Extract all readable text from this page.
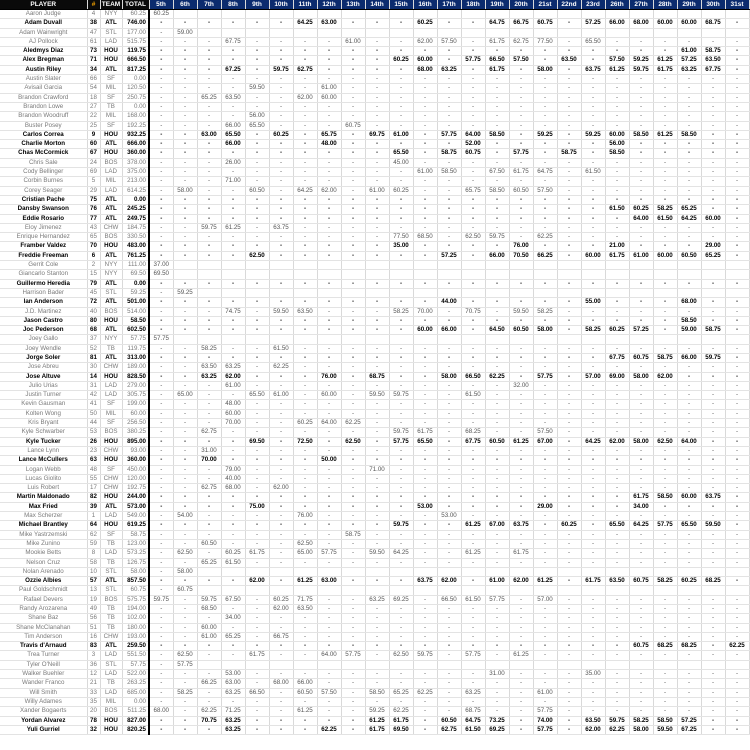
PLAYER	#	TEAM	TOTAL	5th	6th	7th	8th	9th	10th	11th	12th	13th	14th	15th	16th	17th	18th	19th	20th	21st	22nd	23rd	26th	27th	28th	29th	30th	31st
Aaron Judge	4	NYY	60.25	60.25																								
Adam Duvall	38	ATL	746.00	-	-	-	-	-	-	64.25	63.00	-	-	-	60.25	-	-	64.75	66.75	60.75	-	57.25	66.00	68.00	60.00	60.00	68.75	-
Adam Wainwright	47	STL	177.00	-	59.00																							
AJ Pollock	61	LAD	515.75	-	-	-	67.75	-	-	-	-	61.00	-	-	62.00	57.50	-	61.75	62.75	77.50	-	65.50	-	-	-	-	-	-
Aledmys Diaz	73	HOU	119.75	-	-	-	-	-	-	-	-	-	-	-	-	-	-	-	-	-	-	-	-	-	-	61.00	58.75	-
Alex Bregman	71	HOU	666.50	-	-	-	-	-	-	-	-	-	-	60.25	60.00	-	57.75	66.50	57.50	-	63.50	-	57.50	59.25	61.25	57.25	63.50	-
Austin Riley	34	ATL	817.25	-	-	-	67.25	-	59.75	62.75	-	-	-	-	68.00	63.25	-	61.75	-	58.00	-	63.75	61.25	59.75	61.75	63.25	67.75	-
Austin Slater	66	SF	0.00	-	-	-	-	-	-	-	-	-	-	-	-	-	-	-	-	-	-	-	-	-	-	-	-	-
Avisail Garcia	54	MIL	120.50	-	-	-	-	59.50	-	-	61.00	-	-	-	-	-	-	-	-	-	-	-	-	-	-	-	-	-
Brandon Crawford	18	SF	250.75	-	-	65.25	63.50	-	-	62.00	60.00	-	-	-	-	-	-	-	-	-	-	-	-	-	-	-	-	-
Brandon Lowe	27	TB	0.00	-	-	-	-	-	-	-	-	-	-	-	-	-	-	-	-	-	-	-	-	-	-	-	-	-
Brandon Woodruff	22	MIL	168.00	-	-	-	-	56.00	-	-	-	-	-	-	-	-	-	-	-	-	-	-	-	-	-	-	-	-
Buster Posey	25	SF	192.25	-	-	-	66.00	65.50	-	-	-	60.75	-	-	-	-	-	-	-	-	-	-	-	-	-	-	-	-
Carlos Correa	9	HOU	932.25	-	-	63.00	65.50	-	60.25	-	65.75	-	69.75	61.00	-	57.75	64.00	58.50	-	59.25	-	59.25	60.00	58.50	61.25	58.50	-	-
Charlie Morton	60	ATL	666.00	-	-	-	66.00	-	-	-	48.00	-	-	-	-	-	52.00	-	-	-	-	-	56.00	-	-	-	-	-
Chas McCormick	67	HOU	360.00	-	-	-	-	-	-	-	-	-	-	65.50	-	58.75	60.75	-	57.75	-	58.75	-	58.50	-	-	-	-	-
Chris Sale	24	BOS	378.00	-	-	-	26.00	-	-	-	-	-	-	45.00	-	-	-	-	-	-	-	-	-	-	-	-	-	-
Cody Bellinger	69	LAD	375.00	-	-	-	-	-	-	-	-	-	-	-	61.00	58.50	-	67.50	61.75	64.75	-	61.50	-	-	-	-	-	-
Corbin Burnes	5	MIL	213.00	-	-	-	71.00	-	-	-	-	-	-	-	-	-	-	-	-	-	-	-	-	-	-	-	-	-
Corey Seager	29	LAD	614.25	-	58.00	-	-	60.50	-	64.25	62.00	-	61.00	60.25	-	-	65.75	58.50	60.50	57.50	-	-	-	-	-	-	-	-
Cristian Pache	75	ATL	0.00	-	-	-	-	-	-	-	-	-	-	-	-	-	-	-	-	-	-	-	-	-	-	-	-	-
Dansby Swanson	76	ATL	245.25	-	-	-	-	-	-	-	-	-	-	-	-	-	-	-	-	-	-	-	61.50	60.25	58.25	65.25	-	-
Eddie Rosario	77	ATL	249.75	-	-	-	-	-	-	-	-	-	-	-	-	-	-	-	-	-	-	-	-	64.00	61.50	64.25	60.00	-
Eloy Jimenez	43	CHW	184.75	-	-	59.75	61.25	-	63.75	-	-	-	-	-	-	-	-	-	-	-	-	-	-	-	-	-	-	-
Enrique Hernandez	65	BOS	330.50	-	-	-	-	-	-	-	-	-	-	77.50	68.50	-	62.50	59.75	-	62.25	-	-	-	-	-	-	-	-
Framber Valdez	70	HOU	483.00	-	-	-	-	-	-	-	-	-	-	35.00	-	-	-	-	76.00	-	-	-	21.00	-	-	-	29.00	-
Freddie Freeman	6	ATL	761.25	-	-	-	-	62.50	-	-	-	-	-	-	-	57.25	-	66.00	70.50	66.25	-	60.00	61.75	61.00	60.00	60.50	65.25	-
Gerrit Cole	2	NYY	111.00	37.00																								
Giancarlo Stanton	15	NYY	69.50	69.50																								
Guillermo Heredia	79	ATL	0.00	-	-	-	-	-	-	-	-	-	-	-	-	-	-	-	-	-	-	-	-	-	-	-	-	-
Harrison Bader	45	STL	59.25	-	59.25																							
Ian Anderson	72	ATL	501.00	-	-	-	-	-	-	-	-	-	-	-	-	44.00	-	-	-	-	-	55.00	-	-	-	68.00	-	-
J.D. Martinez	40	BOS	514.00	-	-	-	74.75	-	59.50	63.50	-	-	-	58.25	70.00	-	70.75	-	59.50	58.25	-	-	-	-	-	-	-	-
Jason Castro	80	HOU	58.50	-	-	-	-	-	-	-	-	-	-	-	-	-	-	-	-	-	-	-	-	-	-	58.50	-	-
Joc Pederson	68	ATL	602.50	-	-	-	-	-	-	-	-	-	-	-	60.00	66.00	-	64.50	60.50	58.00	-	58.25	60.25	57.25	-	59.00	58.75	-
Joey Gallo	37	NYY	57.75	57.75																								
Joey Wendle	52	TB	119.75	-	-	58.25	-	-	61.50	-	-	-	-	-	-	-	-	-	-	-	-	-	-	-	-	-	-	-
Jorge Soler	81	ATL	313.00	-	-	-	-	-	-	-	-	-	-	-	-	-	-	-	-	-	-	-	67.75	60.75	58.75	66.00	59.75	-
Jose Abreu	30	CHW	189.00	-	-	63.50	63.25	-	62.25	-	-	-	-	-	-	-	-	-	-	-	-	-	-	-	-	-	-	-
Jose Altuve	14	HOU	828.50	-	-	63.25	62.00	-	-	-	76.00	-	68.75	-	-	58.00	66.50	62.25	-	57.75	-	57.00	69.00	58.00	62.00	-	-	-
Julio Urias	31	LAD	279.00	-	-	-	61.00	-	-	-	-	-	-	-	-	-	-	-	32.00	-	-	-	-	-	-	-	-	-
Justin Turner	42	LAD	305.75	-	65.00	-	-	65.50	61.00	-	60.00	-	59.50	59.75	-	-	61.50	-	-	-	-	-	-	-	-	-	-	-
Kevin Gausman	41	SF	199.00	-	-	-	48.00	-	-	-	-	-	-	-	-	-	-	-	-	-	-	-	-	-	-	-	-	-
Kolten Wong	50	MIL	60.00	-	-	-	60.00	-	-	-	-	-	-	-	-	-	-	-	-	-	-	-	-	-	-	-	-	-
Kris Bryant	44	SF	256.50	-	-	-	70.00	-	-	60.25	64.00	62.25	-	-	-	-	-	-	-	-	-	-	-	-	-	-	-	-
Kyle Schwarber	53	BOS	380.25	-	-	62.75	-	-	-	-	-	-	-	59.75	61.75	-	68.25	-	-	57.50	-	-	-	-	-	-	-	-
Kyle Tucker	26	HOU	895.00	-	-	-	-	69.50	-	72.50	-	62.50	-	57.75	65.50	-	67.75	60.50	61.25	67.00	-	64.25	62.00	58.00	62.50	64.00	-	-
Lance Lynn	23	CHW	93.00	-	-	31.00	-	-	-	-	-	-	-	-	-	-	-	-	-	-	-	-	-	-	-	-	-	-
Lance McCullers	63	HOU	360.00	-	-	70.00	-	-	-	-	50.00	-	-	-	-	-	-	-	-	-	-	-	-	-	-	-	-	-
Logan Webb	48	SF	450.00	-	-	-	79.00	-	-	-	-	-	71.00	-	-	-	-	-	-	-	-	-	-	-	-	-	-	-
Lucas Giolito	55	CHW	120.00	-	-	-	40.00	-	-	-	-	-	-	-	-	-	-	-	-	-	-	-	-	-	-	-	-	-
Luis Robert	17	CHW	192.75	-	-	62.75	68.00	-	62.00	-	-	-	-	-	-	-	-	-	-	-	-	-	-	-	-	-	-	-
Martin Maldonado	82	HOU	244.00	-	-	-	-	-	-	-	-	-	-	-	-	-	-	-	-	-	-	-	-	61.75	58.50	60.00	63.75	-
Max Fried	39	ATL	573.00	-	-	-	-	75.00	-	-	-	-	-	-	53.00	-	-	-	-	29.00	-	-	-	34.00	-	-	-	-
Max Scherzer	1	LAD	549.00	-	54.00	-	-	-	-	76.00	-	-	-	-	-	53.00	-	-	-	-	-	-	-	-	-	-	-	-
Michael Brantley	64	HOU	619.25	-	-	-	-	-	-	-	-	-	-	59.75	-	-	61.25	67.00	63.75	-	60.25	-	65.50	64.25	57.75	65.50	59.50	-
Mike Yastrzemski	62	SF	58.75	-	-	-	-	-	-	-	-	58.75	-	-	-	-	-	-	-	-	-	-	-	-	-	-	-	-
Mike Zunino	59	TB	123.00	-	-	60.50	-	-	-	62.50	-	-	-	-	-	-	-	-	-	-	-	-	-	-	-	-	-	-
Mookie Betts	8	LAD	573.25	-	62.50	-	60.25	61.75	-	65.00	57.75	-	59.50	64.25	-	-	61.25	-	61.75	-	-	-	-	-	-	-	-	-
Nelson Cruz	58	TB	126.75	-	-	65.25	61.50	-	-	-	-	-	-	-	-	-	-	-	-	-	-	-	-	-	-	-	-	-
Nolan Arenado	10	STL	58.00	-	58.00																							
Ozzie Albies	57	ATL	857.50	-	-	-	-	62.00	-	61.25	63.00	-	-	-	63.75	62.00	-	61.00	62.00	61.25	-	61.75	63.50	60.75	58.25	60.25	68.25	-
Paul Goldschmidt	13	STL	60.75	-	60.75																							
Rafael Devers	19	BOS	575.75	59.75	-	59.75	67.50	-	60.25	71.75	-	-	63.25	69.25	-	66.50	61.50	57.75	-	57.00	-	-	-	-	-	-	-	-
Randy Arozarena	49	TB	194.00	-	-	68.50	-	-	62.00	63.50	-	-	-	-	-	-	-	-	-	-	-	-	-	-	-	-	-	-
Shane Baz	56	TB	102.00	-	-	-	34.00	-	-	-	-	-	-	-	-	-	-	-	-	-	-	-	-	-	-	-	-	-
Shane McClanahan	51	TB	180.00	-	-	60.00	-	-	-	-	-	-	-	-	-	-	-	-	-	-	-	-	-	-	-	-	-	-
Tim Anderson	16	CHW	193.00	-	-	61.00	65.25	-	66.75	-	-	-	-	-	-	-	-	-	-	-	-	-	-	-	-	-	-	-
Travis d'Arnaud	83	ATL	259.50	-	-	-	-	-	-	-	-	-	-	-	-	-	-	-	-	-	-	-	-	60.75	68.25	68.25	-	62.25
Trea Turner	3	LAD	551.50	-	62.50	-	-	61.75	-	-	64.00	57.75	-	62.50	59.75	-	57.75	-	61.25	-	-	-	-	-	-	-	-	-
Tyler O'Neill	36	STL	57.75	-	57.75																							
Walker Buehler	12	LAD	522.00	-	-	-	53.00	-	-	-	-	-	-	-	-	-	-	31.00	-	-	-	35.00	-	-	-	-	-	-
Wander Franco	21	TB	263.25	-	-	66.25	63.00	-	68.00	66.00	-	-	-	-	-	-	-	-	-	-	-	-	-	-	-	-	-	-
Will Smith	33	LAD	685.00	-	58.25	-	63.25	66.50	-	60.50	57.50	-	58.50	65.25	62.25	-	63.25	-	-	61.00	-	-	-	-	-	-	-	-
Willy Adames	35	MIL	0.00	-	-	-	-	-	-	-	-	-	-	-	-	-	-	-	-	-	-	-	-	-	-	-	-	-
Xander Bogaerts	20	BOS	511.25	68.00	-	62.25	71.25	-	-	61.25	-	-	59.25	62.25	-	-	68.75	-	-	57.75	-	-	-	-	-	-	-	-
Yordan Alvarez	78	HOU	827.00	-	-	70.75	63.25	-	-	-	-	-	61.25	61.75	-	60.50	64.75	73.25	-	74.00	-	63.50	59.75	58.25	58.50	57.25	-	-
Yuli Gurriel	32	HOU	820.25	-	-	-	63.25	-	-	-	62.25	-	61.75	69.50	-	62.75	61.50	69.25	-	57.75	-	62.00	62.25	58.00	59.50	67.25	-	-
